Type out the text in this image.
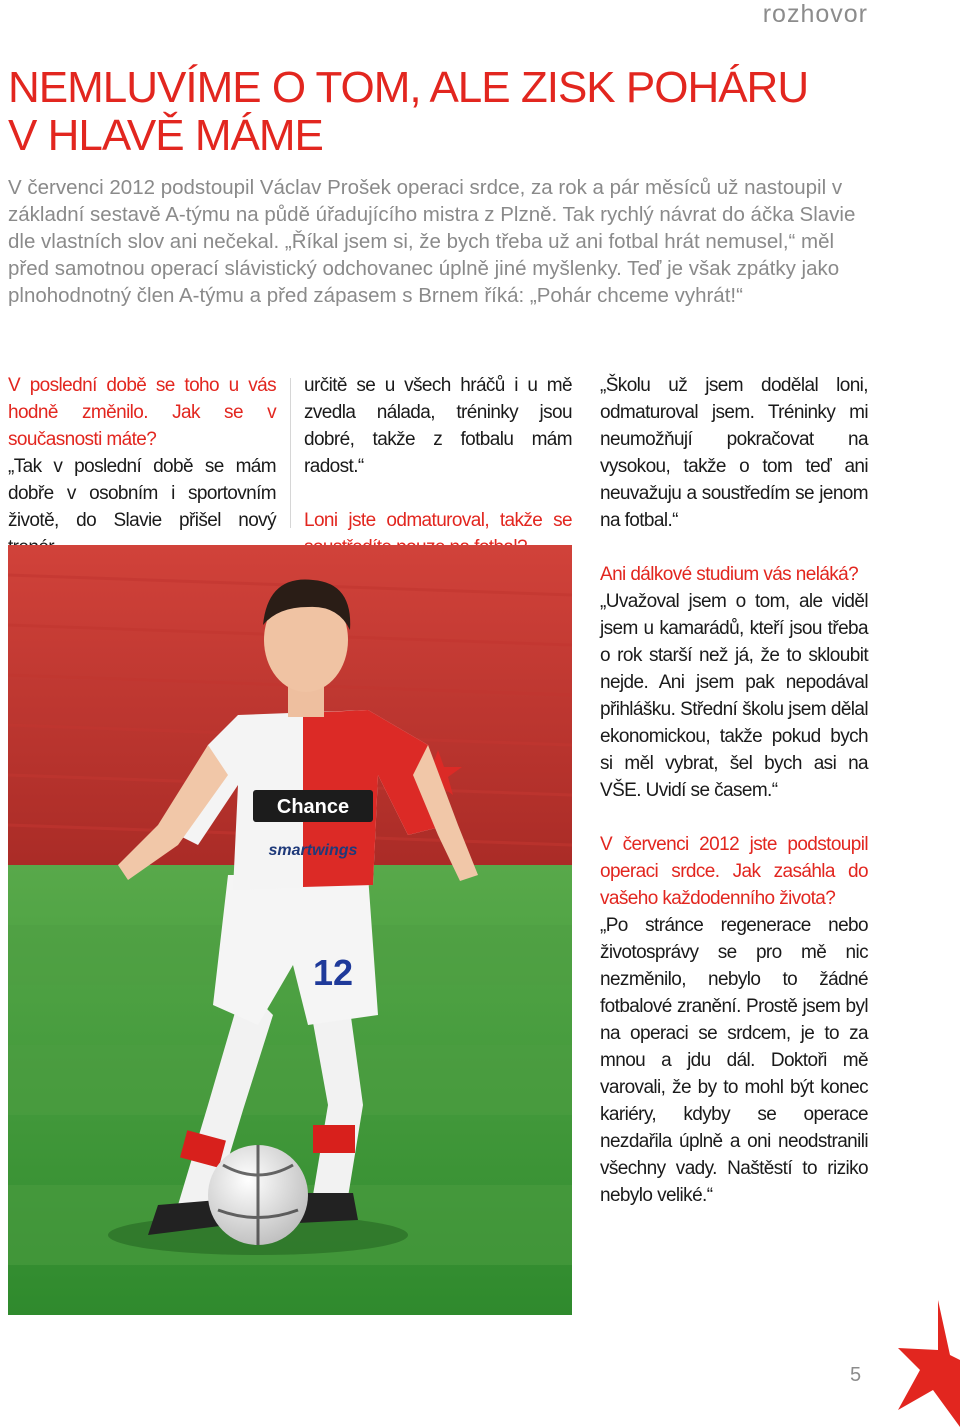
rozhovor
NEMLUVÍME O TOM, ALE ZISK POHÁRU
V HLAVĚ MÁME

V červenci 2012 podstoupil Václav Prošek operaci srdce, za rok a pár měsíců už nastoupil v základní sestavě A-týmu na půdě úřadujícího mistra z Plzně. Tak rychlý návrat do áčka Slavie dle vlastních slov ani nečekal. „Říkal jsem si, že bych třeba už ani fotbal hrát nemusel,“ měl před samotnou operací slávistický odchovanec úplně jiné myšlenky. Teď je však zpátky jako plnohodnotný člen A-týmu a před zápasem s Brnem říká: „Pohár chceme vyhrát!“

V poslední době se toho u vás hodně změnilo. Jak se v současnosti máte?

„Tak v poslední době se mám dobře v osobním i sportovním životě, do Slavie přišel nový

určitě se u všech hráčů i u mě zvedla nálada, tréninky jsou dobré, takže z fotbalu mám radost.“

Loni jste odmaturoval, takže se

„Školu už jsem dodělal loni, odmaturoval jsem. Tréninky mi neumožňují pokračovat na vysokou, takže o tom teď ani neuvažuju a soustředím se jenom na fotbal.“

Ani dálkové studium vás neláká?

„Uvažoval jsem o tom, ale viděl jsem u kamarádů, kteří jsou třeba o rok starší než já, že to skloubit nejde. Ani jsem pak nepodával přihlášku. Střední školu jsem dělal ekonomickou, takže pokud bych si měl vybrat, šel bych asi na VŠE. Uvidí se časem.“

V červenci 2012 jste podstoupil operaci srdce. Jak zasáhla do vašeho každodenního života?

„Po stránce regenerace nebo životosprávy se pro mě nic nezměnilo, nebylo to žádné fotbalové zranění. Prostě jsem byl na operaci se srdcem, je to za mnou a jdu dál. Doktoři mě varovali, že by to mohl být konec kariéry, kdyby se operace nezdařila úplně a oni neodstranili všechny vady. Naštěstí to riziko nebylo veliké.“

Chance
smartwings
12
5
